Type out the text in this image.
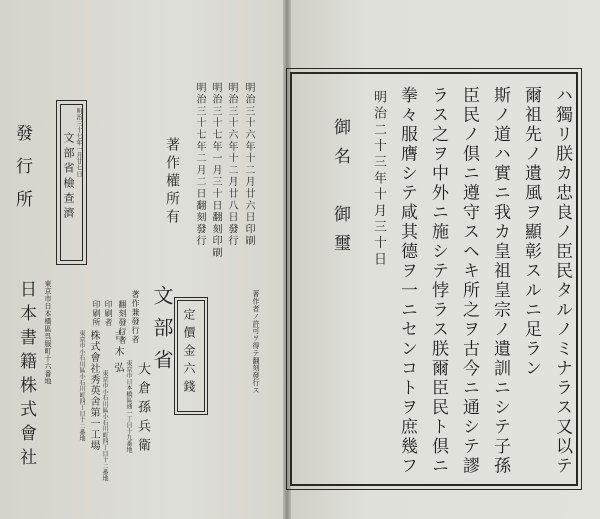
ハ獨リ朕カ忠良ノ臣民タルノミナラス又以テ
爾祖先ノ遺風ヲ顯彰スルニ足ラン
斯ノ道ハ實ニ我カ皇祖皇宗ノ遺訓ニシテ子孫
臣民ノ倶ニ遵守スヘキ所之ヲ古今ニ通シテ謬
ラス之ヲ中外ニ施シテ悖ラス朕爾臣民ト倶ニ
拳々服膺シテ咸其德ヲ一ニセンコトヲ庶幾フ
明治二十三年十月三十日
御名
御璽
明治三十六年十二月廿六日印刷
明治三十六年十二月廿八日發行
明治三十七年一月三十日翻刻印刷
明治三十七年二月二日翻刻發行
著作權所有
著作者ノ許可ヲ得テ翻刻發行ス
定價金六錢
文部省
著作兼發行者
翻刻發行者
印刷者
印刷所
大倉孫兵衛
東京市日本橋區通一丁目十九番地
吉木弘
東京市小石川區小石川町四丁目十二番地
株式會社秀英舍第一工場
東京市小石川區小石川町四丁目十二番地
文部省檢查濟 明治三十七年一月廿七日
發行所
東京市日本橋區呉服町十六番地
日本書籍株式會社
